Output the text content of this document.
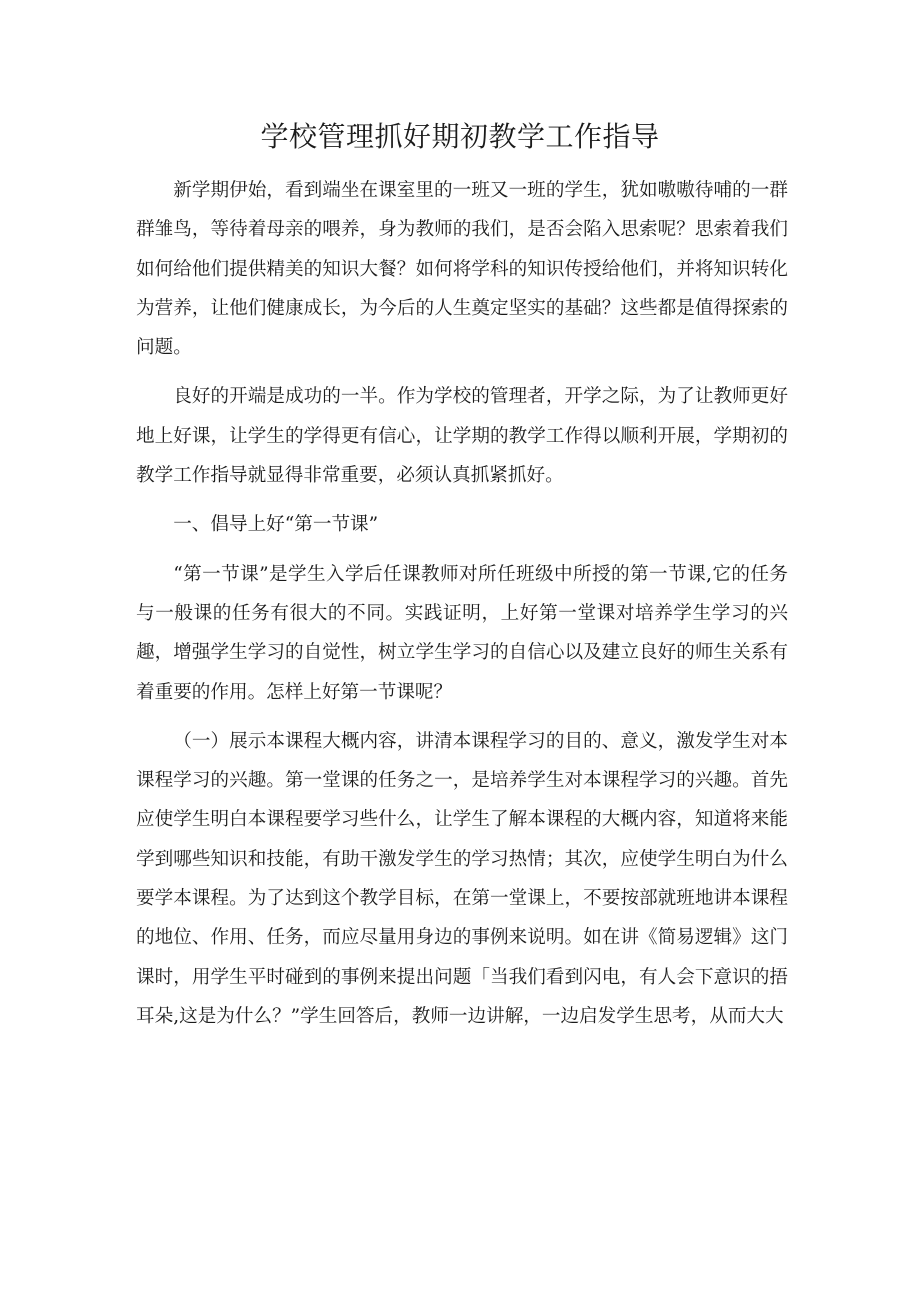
学校管理抓好期初教学工作指导

新学期伊始，看到端坐在课室里的一班又一班的学生，犹如嗷嗷待哺的一群群雏鸟，等待着母亲的喂养，身为教师的我们，是否会陷入思索呢？思索着我们如何给他们提供精美的知识大餐？如何将学科的知识传授给他们，并将知识转化为营养，让他们健康成长，为今后的人生奠定坚实的基础？这些都是值得探索的问题。

良好的开端是成功的一半。作为学校的管理者，开学之际，为了让教师更好地上好课，让学生的学得更有信心，让学期的教学工作得以顺利开展，学期初的教学工作指导就显得非常重要，必须认真抓紧抓好。

一、倡导上好“第一节课”

“第一节课”是学生入学后任课教师对所任班级中所授的第一节课,它的任务与一般课的任务有很大的不同。实践证明，上好第一堂课对培养学生学习的兴趣，增强学生学习的自觉性，树立学生学习的自信心以及建立良好的师生关系有着重要的作用。怎样上好第一节课呢？

（一）展示本课程大概内容，讲清本课程学习的目的、意义，激发学生对本课程学习的兴趣。第一堂课的任务之一，是培养学生对本课程学习的兴趣。首先应使学生明白本课程要学习些什么，让学生了解本课程的大概内容，知道将来能学到哪些知识和技能，有助干激发学生的学习热情；其次，应使学生明白为什么要学本课程。为了达到这个教学目标，在第一堂课上，不要按部就班地讲本课程的地位、作用、任务，而应尽量用身边的事例来说明。如在讲《简易逻辑》这门课时，用学生平时碰到的事例来提出问题「当我们看到闪电，有人会下意识的捂耳朵,这是为什么？”学生回答后，教师一边讲解，一边启发学生思考，从而大大
